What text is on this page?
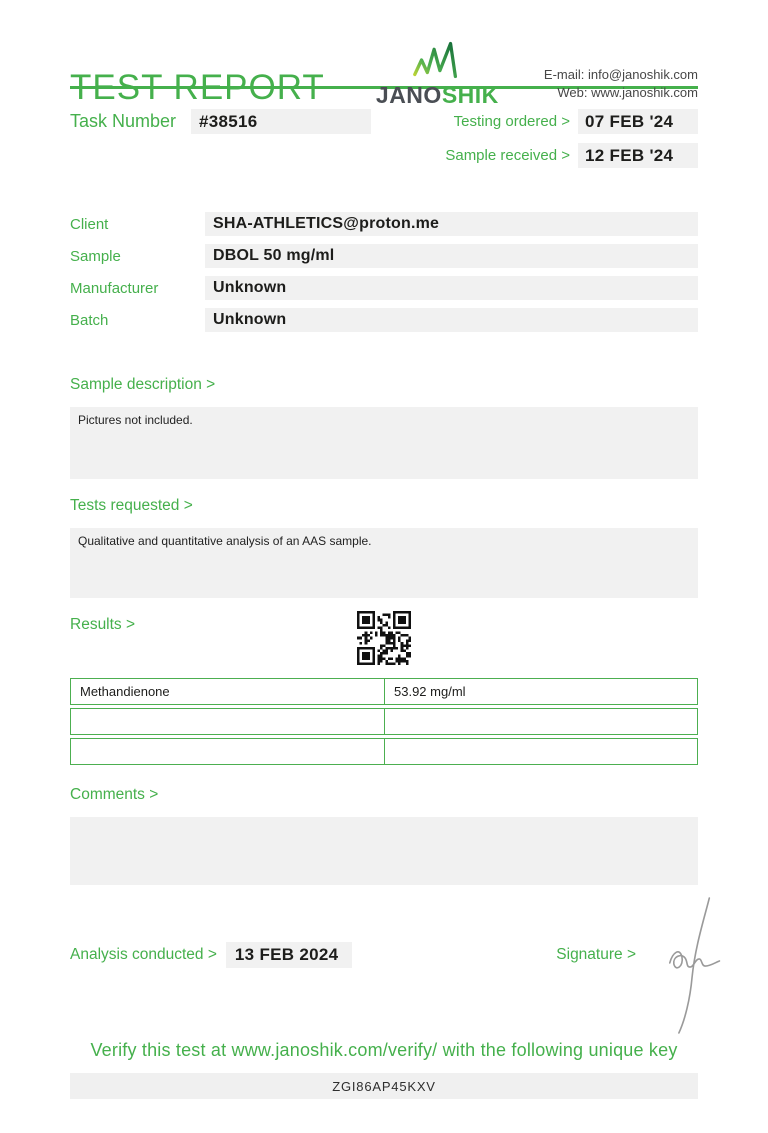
TEST REPORT JANOSHIK
E-mail: info@janoshik.com
Web: www.janoshik.com
Task Number	#38516	Testing ordered > 07 FEB '24
Sample received > 12 FEB '24
Client	SHA-ATHLETICS@proton.me
Sample	DBOL 50 mg/ml
Manufacturer	Unknown
Batch	Unknown
Sample description >
Pictures not included.
Tests requested >
Qualitative and quantitative analysis of an AAS sample.
Results >
Methandienone	53.92 mg/ml
Comments >
Analysis conducted >	13 FEB 2024	Signature >
Verify this test at www.janoshik.com/verify/ with the following unique key
ZGI86AP45KXV
